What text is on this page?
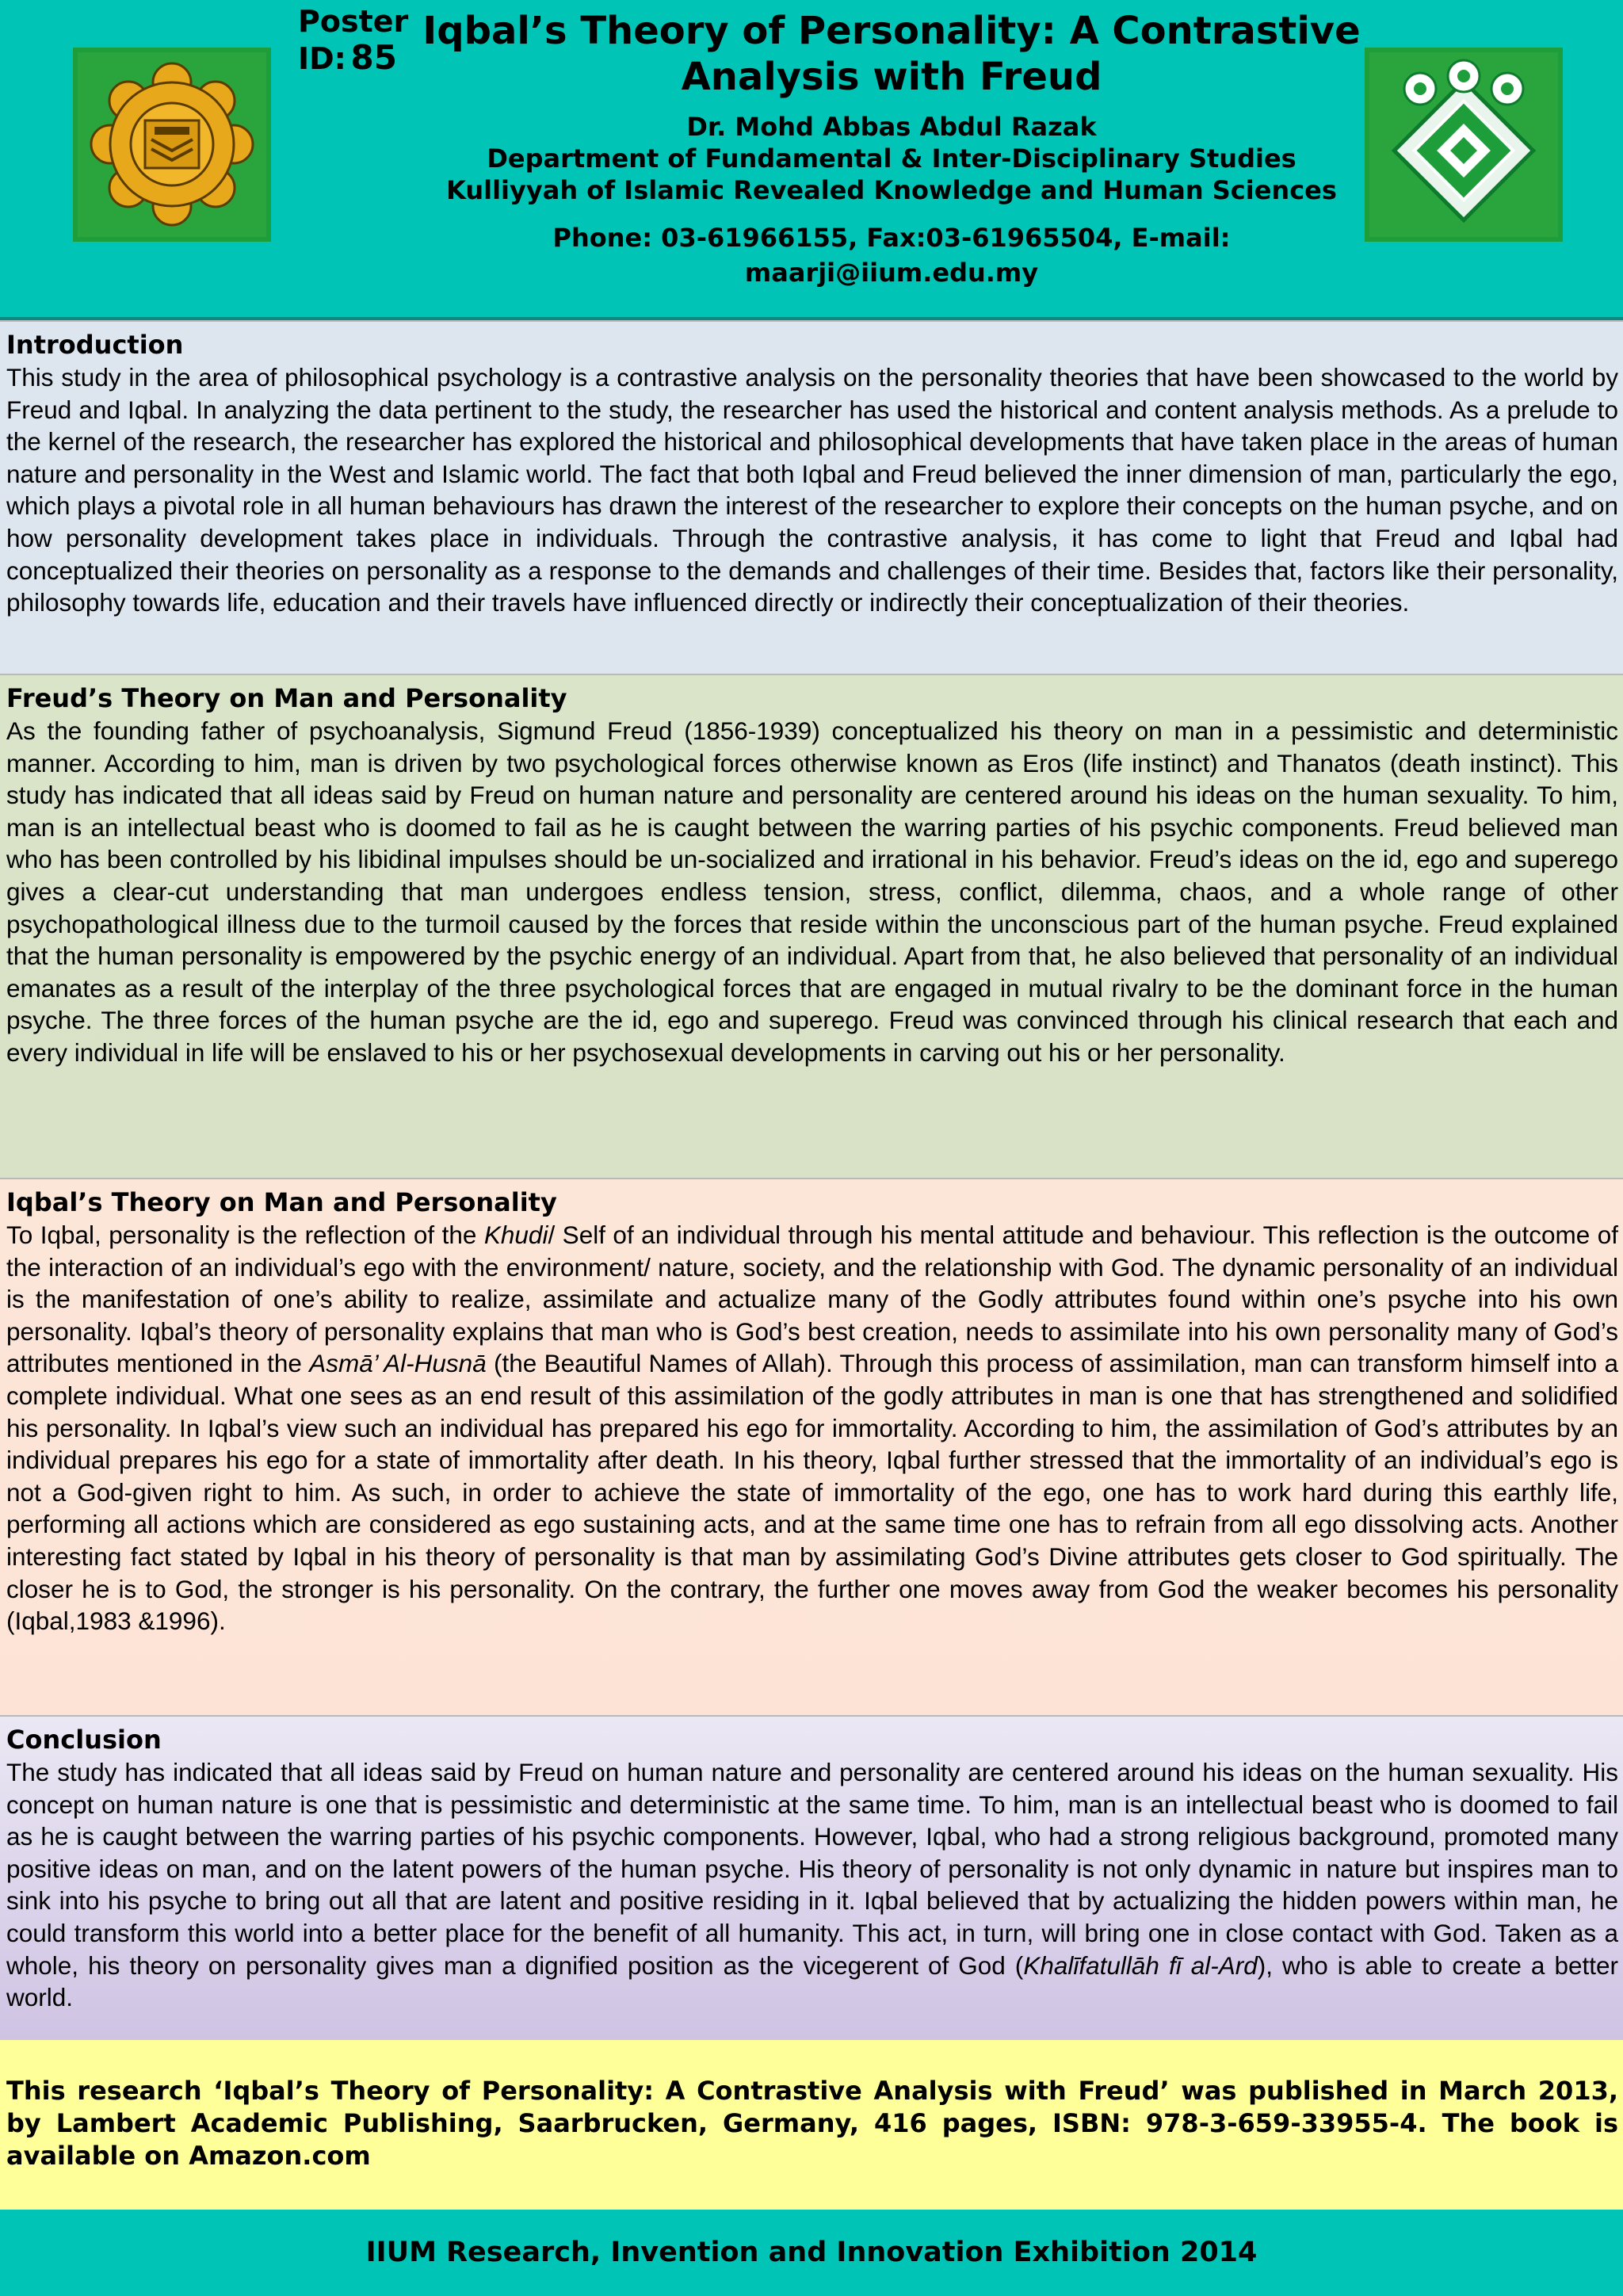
Poster
ID: 85
Iqbal’s Theory of Personality: A Contrastive Analysis with Freud
Dr. Mohd Abbas Abdul Razak
Department of Fundamental & Inter-Disciplinary Studies
Kulliyyah of Islamic Revealed Knowledge and Human Sciences
Phone: 03-61966155, Fax:03-61965504, E-mail: maarji@iium.edu.my
Introduction

This study in the area of philosophical psychology is a contrastive analysis on the personality theories that have been showcased to the world by Freud and Iqbal. In analyzing the data pertinent to the study, the researcher has used the historical and content analysis methods. As a prelude to the kernel of the research, the researcher has explored the historical and philosophical developments that have taken place in the areas of human nature and personality in the West and Islamic world. The fact that both Iqbal and Freud believed the inner dimension of man, particularly the ego, which plays a pivotal role in all human behaviours has drawn the interest of the researcher to explore their concepts on the human psyche, and on how personality development takes place in individuals. Through the contrastive analysis, it has come to light that Freud and Iqbal had conceptualized their theories on personality as a response to the demands and challenges of their time. Besides that, factors like their personality, philosophy towards life, education and their travels have influenced directly or indirectly their conceptualization of their theories.

Freud’s Theory on Man and Personality

As the founding father of psychoanalysis, Sigmund Freud (1856-1939) conceptualized his theory on man in a pessimistic and deterministic manner. According to him, man is driven by two psychological forces otherwise known as Eros (life instinct) and Thanatos (death instinct). This study has indicated that all ideas said by Freud on human nature and personality are centered around his ideas on the human sexuality. To him, man is an intellectual beast who is doomed to fail as he is caught between the warring parties of his psychic components. Freud believed man who has been controlled by his libidinal impulses should be un-socialized and irrational in his behavior. Freud’s ideas on the id, ego and superego gives a clear-cut understanding that man undergoes endless tension, stress, conflict, dilemma, chaos, and a whole range of other psychopathological illness due to the turmoil caused by the forces that reside within the unconscious part of the human psyche. Freud explained that the human personality is empowered by the psychic energy of an individual. Apart from that, he also believed that personality of an individual emanates as a result of the interplay of the three psychological forces that are engaged in mutual rivalry to be the dominant force in the human psyche. The three forces of the human psyche are the id, ego and superego. Freud was convinced through his clinical research that each and every individual in life will be enslaved to his or her psychosexual developments in carving out his or her personality.

Iqbal’s Theory on Man and Personality

To Iqbal, personality is the reflection of the Khudi/ Self of an individual through his mental attitude and behaviour. This reflection is the outcome of the interaction of an individual’s ego with the environment/ nature, society, and the relationship with God. The dynamic personality of an individual is the manifestation of one’s ability to realize, assimilate and actualize many of the Godly attributes found within one’s psyche into his own personality. Iqbal’s theory of personality explains that man who is God’s best creation, needs to assimilate into his own personality many of God’s attributes mentioned in the Asmā’ Al-Husnā (the Beautiful Names of Allah). Through this process of assimilation, man can transform himself into a complete individual. What one sees as an end result of this assimilation of the godly attributes in man is one that has strengthened and solidified his personality. In Iqbal’s view such an individual has prepared his ego for immortality. According to him, the assimilation of God’s attributes by an individual prepares his ego for a state of immortality after death. In his theory, Iqbal further stressed that the immortality of an individual’s ego is not a God-given right to him. As such, in order to achieve the state of immortality of the ego, one has to work hard during this earthly life, performing all actions which are considered as ego sustaining acts, and at the same time one has to refrain from all ego dissolving acts. Another interesting fact stated by Iqbal in his theory of personality is that man by assimilating God’s Divine attributes gets closer to God spiritually. The closer he is to God, the stronger is his personality. On the contrary, the further one moves away from God the weaker becomes his personality (Iqbal,1983 &1996).

Conclusion

The study has indicated that all ideas said by Freud on human nature and personality are centered around his ideas on the human sexuality. His concept on human nature is one that is pessimistic and deterministic at the same time. To him, man is an intellectual beast who is doomed to fail as he is caught between the warring parties of his psychic components. However, Iqbal, who had a strong religious background, promoted many positive ideas on man, and on the latent powers of the human psyche. His theory of personality is not only dynamic in nature but inspires man to sink into his psyche to bring out all that are latent and positive residing in it. Iqbal believed that by actualizing the hidden powers within man, he could transform this world into a better place for the benefit of all humanity. This act, in turn, will bring one in close contact with God. Taken as a whole, his theory on personality gives man a dignified position as the vicegerent of God (Khalīfatullāh fī al-Ard), who is able to create a better world.

This research ‘Iqbal’s Theory of Personality: A Contrastive Analysis with Freud’ was published in March 2013, by Lambert Academic Publishing, Saarbrucken, Germany, 416 pages, ISBN: 978-3-659-33955-4. The book is available on Amazon.com
IIUM Research, Invention and Innovation Exhibition 2014
